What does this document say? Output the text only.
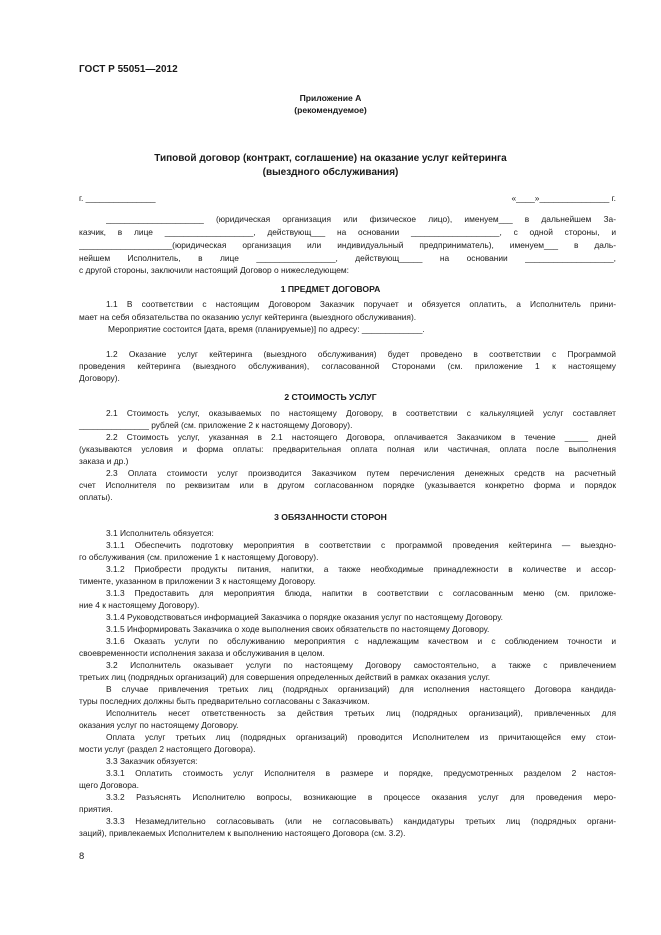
ГОСТ Р 55051—2012
Приложение А
(рекомендуемое)
Типовой договор (контракт, соглашение) на оказание услуг кейтеринга
(выездного обслуживания)
г. _______________	«____»_______________ г.
_____________________ (юридическая организация или физическое лицо), именуем___ в дальнейшем За-
казчик, в лице ___________________, действующ___ на основании ___________________, с одной стороны, и
____________________(юридическая организация или индивидуальный предприниматель), именуем___ в даль-
нейшем Исполнитель, в лице _________________, действующ_____ на основании ___________________,
с другой стороны, заключили настоящий Договор о нижеследующем:
1 ПРЕДМЕТ ДОГОВОРА
1.1 В соответствии с настоящим Договором Заказчик поручает и обязуется оплатить, а Исполнитель прини-
мает на себя обязательства по оказанию услуг кейтеринга (выездного обслуживания).
Мероприятие состоится [дата, время (планируемые)] по адресу: _____________.
1.2 Оказание услуг кейтеринга (выездного обслуживания) будет проведено в соответствии с Программой
проведения кейтеринга (выездного обслуживания), согласованной Сторонами (см. приложение 1 к настоящему
Договору).
2 СТОИМОСТЬ УСЛУГ
2.1 Стоимость услуг, оказываемых по настоящему Договору, в соответствии с калькуляцией услуг составляет
_______________ рублей (см. приложение 2 к настоящему Договору).
2.2 Стоимость услуг, указанная в 2.1 настоящего Договора, оплачивается Заказчиком в течение _____ дней
(указываются условия и форма оплаты: предварительная оплата полная или частичная, оплата после выполнения
заказа и др.)
2.3 Оплата стоимости услуг производится Заказчиком путем перечисления денежных средств на расчетный
счет Исполнителя по реквизитам или в другом согласованном порядке (указывается конкретно форма и порядок
оплаты).
3 ОБЯЗАННОСТИ СТОРОН
3.1 Исполнитель обязуется:
3.1.1 Обеспечить подготовку мероприятия в соответствии с программой проведения кейтеринга — выездно-
го обслуживания (см. приложение 1 к настоящему Договору).
3.1.2 Приобрести продукты питания, напитки, а также необходимые принадлежности в количестве и ассор-
тименте, указанном в приложении 3 к настоящему Договору.
3.1.3 Предоставить для мероприятия блюда, напитки в соответствии с согласованным меню (см. приложе-
ние 4 к настоящему Договору).
3.1.4 Руководствоваться информацией Заказчика о порядке оказания услуг по настоящему Договору.
3.1.5 Информировать Заказчика о ходе выполнения своих обязательств по настоящему Договору.
3.1.6 Оказать услуги по обслуживанию мероприятия с надлежащим качеством и с соблюдением точности и
своевременности исполнения заказа и обслуживания в целом.
3.2 Исполнитель оказывает услуги по настоящему Договору самостоятельно, а также с привлечением
третьих лиц (подрядных организаций) для совершения определенных действий в рамках оказания услуг.
В случае привлечения третьих лиц (подрядных организаций) для исполнения настоящего Договора кандида-
туры последних должны быть предварительно согласованы с Заказчиком.
Исполнитель несет ответственность за действия третьих лиц (подрядных организаций), привлеченных для
оказания услуг по настоящему Договору.
Оплата услуг третьих лиц (подрядных организаций) проводится Исполнителем из причитающейся ему стои-
мости услуг (раздел 2 настоящего Договора).
3.3 Заказчик обязуется:
3.3.1 Оплатить стоимость услуг Исполнителя в размере и порядке, предусмотренных разделом 2 настоя-
щего Договора.
3.3.2 Разъяснять Исполнителю вопросы, возникающие в процессе оказания услуг для проведения меро-
приятия.
3.3.3 Незамедлительно согласовывать (или не согласовывать) кандидатуры третьих лиц (подрядных органи-
заций), привлекаемых Исполнителем к выполнению настоящего Договора (см. 3.2).
8
